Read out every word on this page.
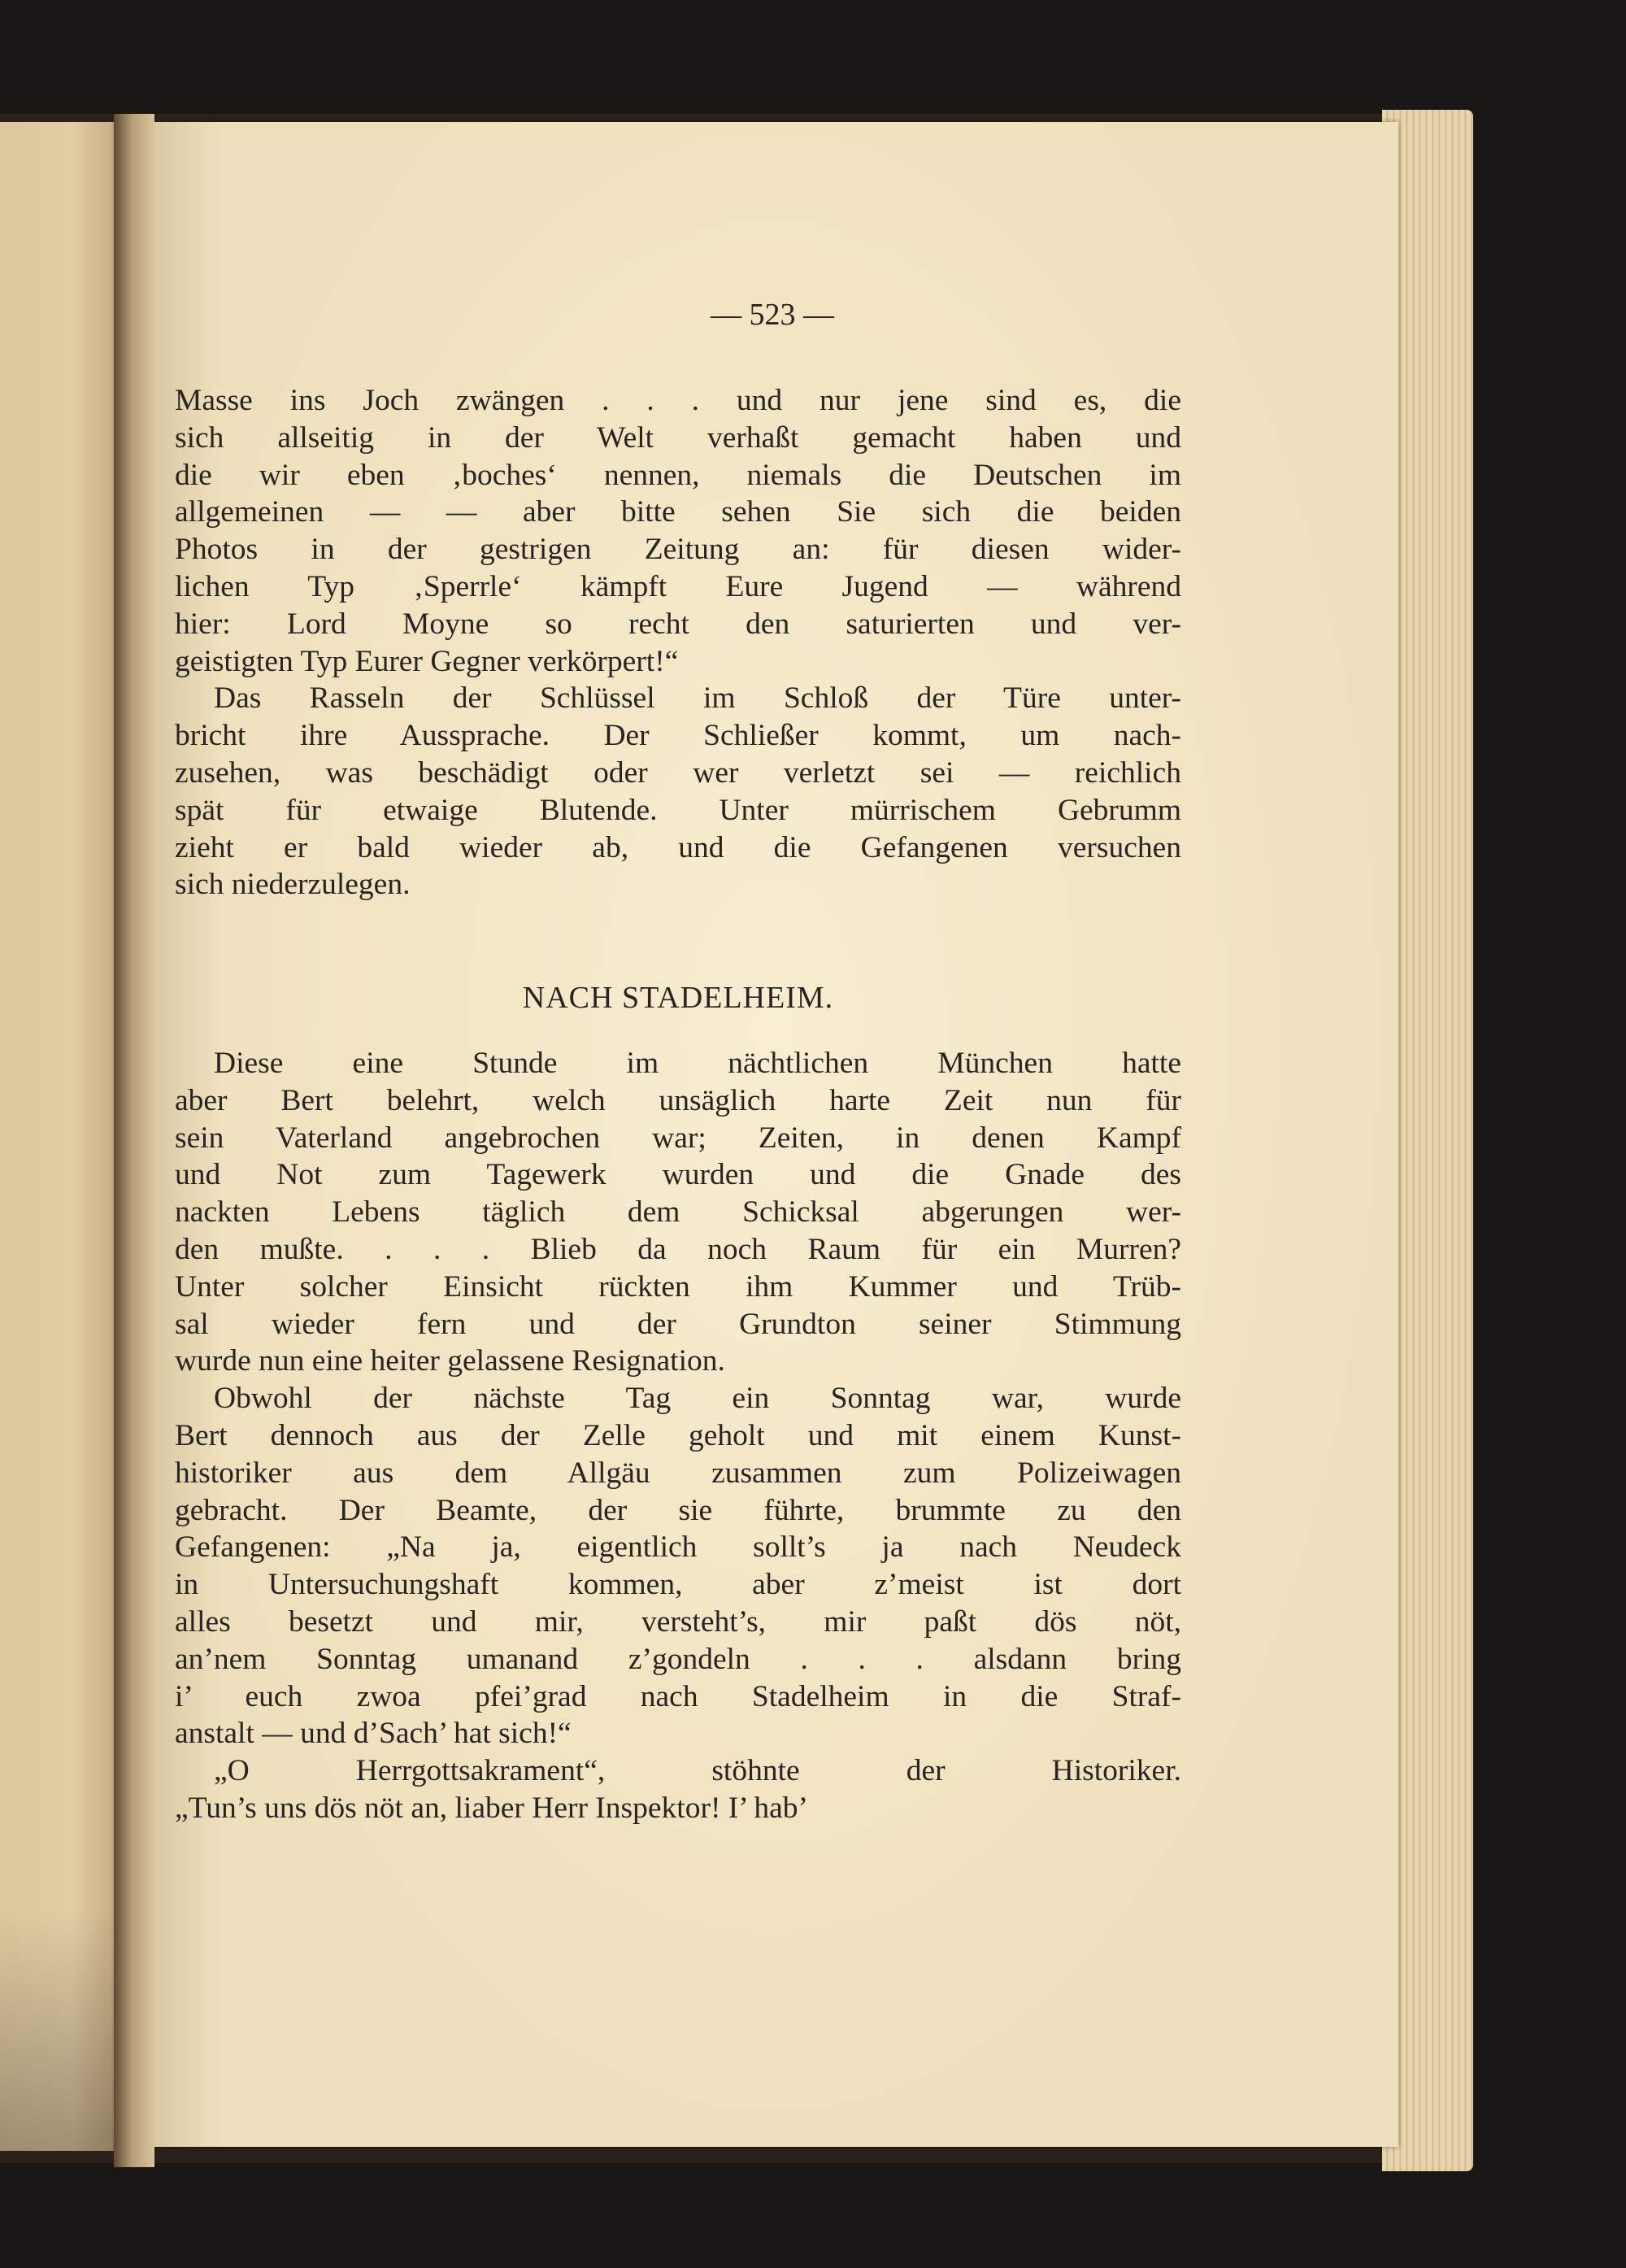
— 523 —
Masse ins Joch zwängen . . . und nur jene sind es, die
sich allseitig in der Welt verhaßt gemacht haben und
die wir eben ‚boches‘ nennen, niemals die Deutschen im
allgemeinen — — aber bitte sehen Sie sich die beiden
Photos in der gestrigen Zeitung an: für diesen wider-
lichen Typ ‚Sperrle‘ kämpft Eure Jugend — während
hier: Lord Moyne so recht den saturierten und ver-
geistigten Typ Eurer Gegner verkörpert!“
Das Rasseln der Schlüssel im Schloß der Türe unter-
bricht ihre Aussprache. Der Schließer kommt, um nach-
zusehen, was beschädigt oder wer verletzt sei — reichlich
spät für etwaige Blutende. Unter mürrischem Gebrumm
zieht er bald wieder ab, und die Gefangenen versuchen
sich niederzulegen.
NACH STADELHEIM.
Diese eine Stunde im nächtlichen München hatte
aber Bert belehrt, welch unsäglich harte Zeit nun für
sein Vaterland angebrochen war; Zeiten, in denen Kampf
und Not zum Tagewerk wurden und die Gnade des
nackten Lebens täglich dem Schicksal abgerungen wer-
den mußte. . . . Blieb da noch Raum für ein Murren?
Unter solcher Einsicht rückten ihm Kummer und Trüb-
sal wieder fern und der Grundton seiner Stimmung
wurde nun eine heiter gelassene Resignation.
Obwohl der nächste Tag ein Sonntag war, wurde
Bert dennoch aus der Zelle geholt und mit einem Kunst-
historiker aus dem Allgäu zusammen zum Polizeiwagen
gebracht. Der Beamte, der sie führte, brummte zu den
Gefangenen: „Na ja, eigentlich sollt’s ja nach Neudeck
in Untersuchungshaft kommen, aber z’meist ist dort
alles besetzt und mir, versteht’s, mir paßt dös nöt,
an’nem Sonntag umanand z’gondeln . . . alsdann bring
i’ euch zwoa pfei’grad nach Stadelheim in die Straf-
anstalt — und d’Sach’ hat sich!“
„O Herrgottsakrament“, stöhnte der Historiker.
„Tun’s uns dös nöt an, liaber Herr Inspektor! I’ hab’
